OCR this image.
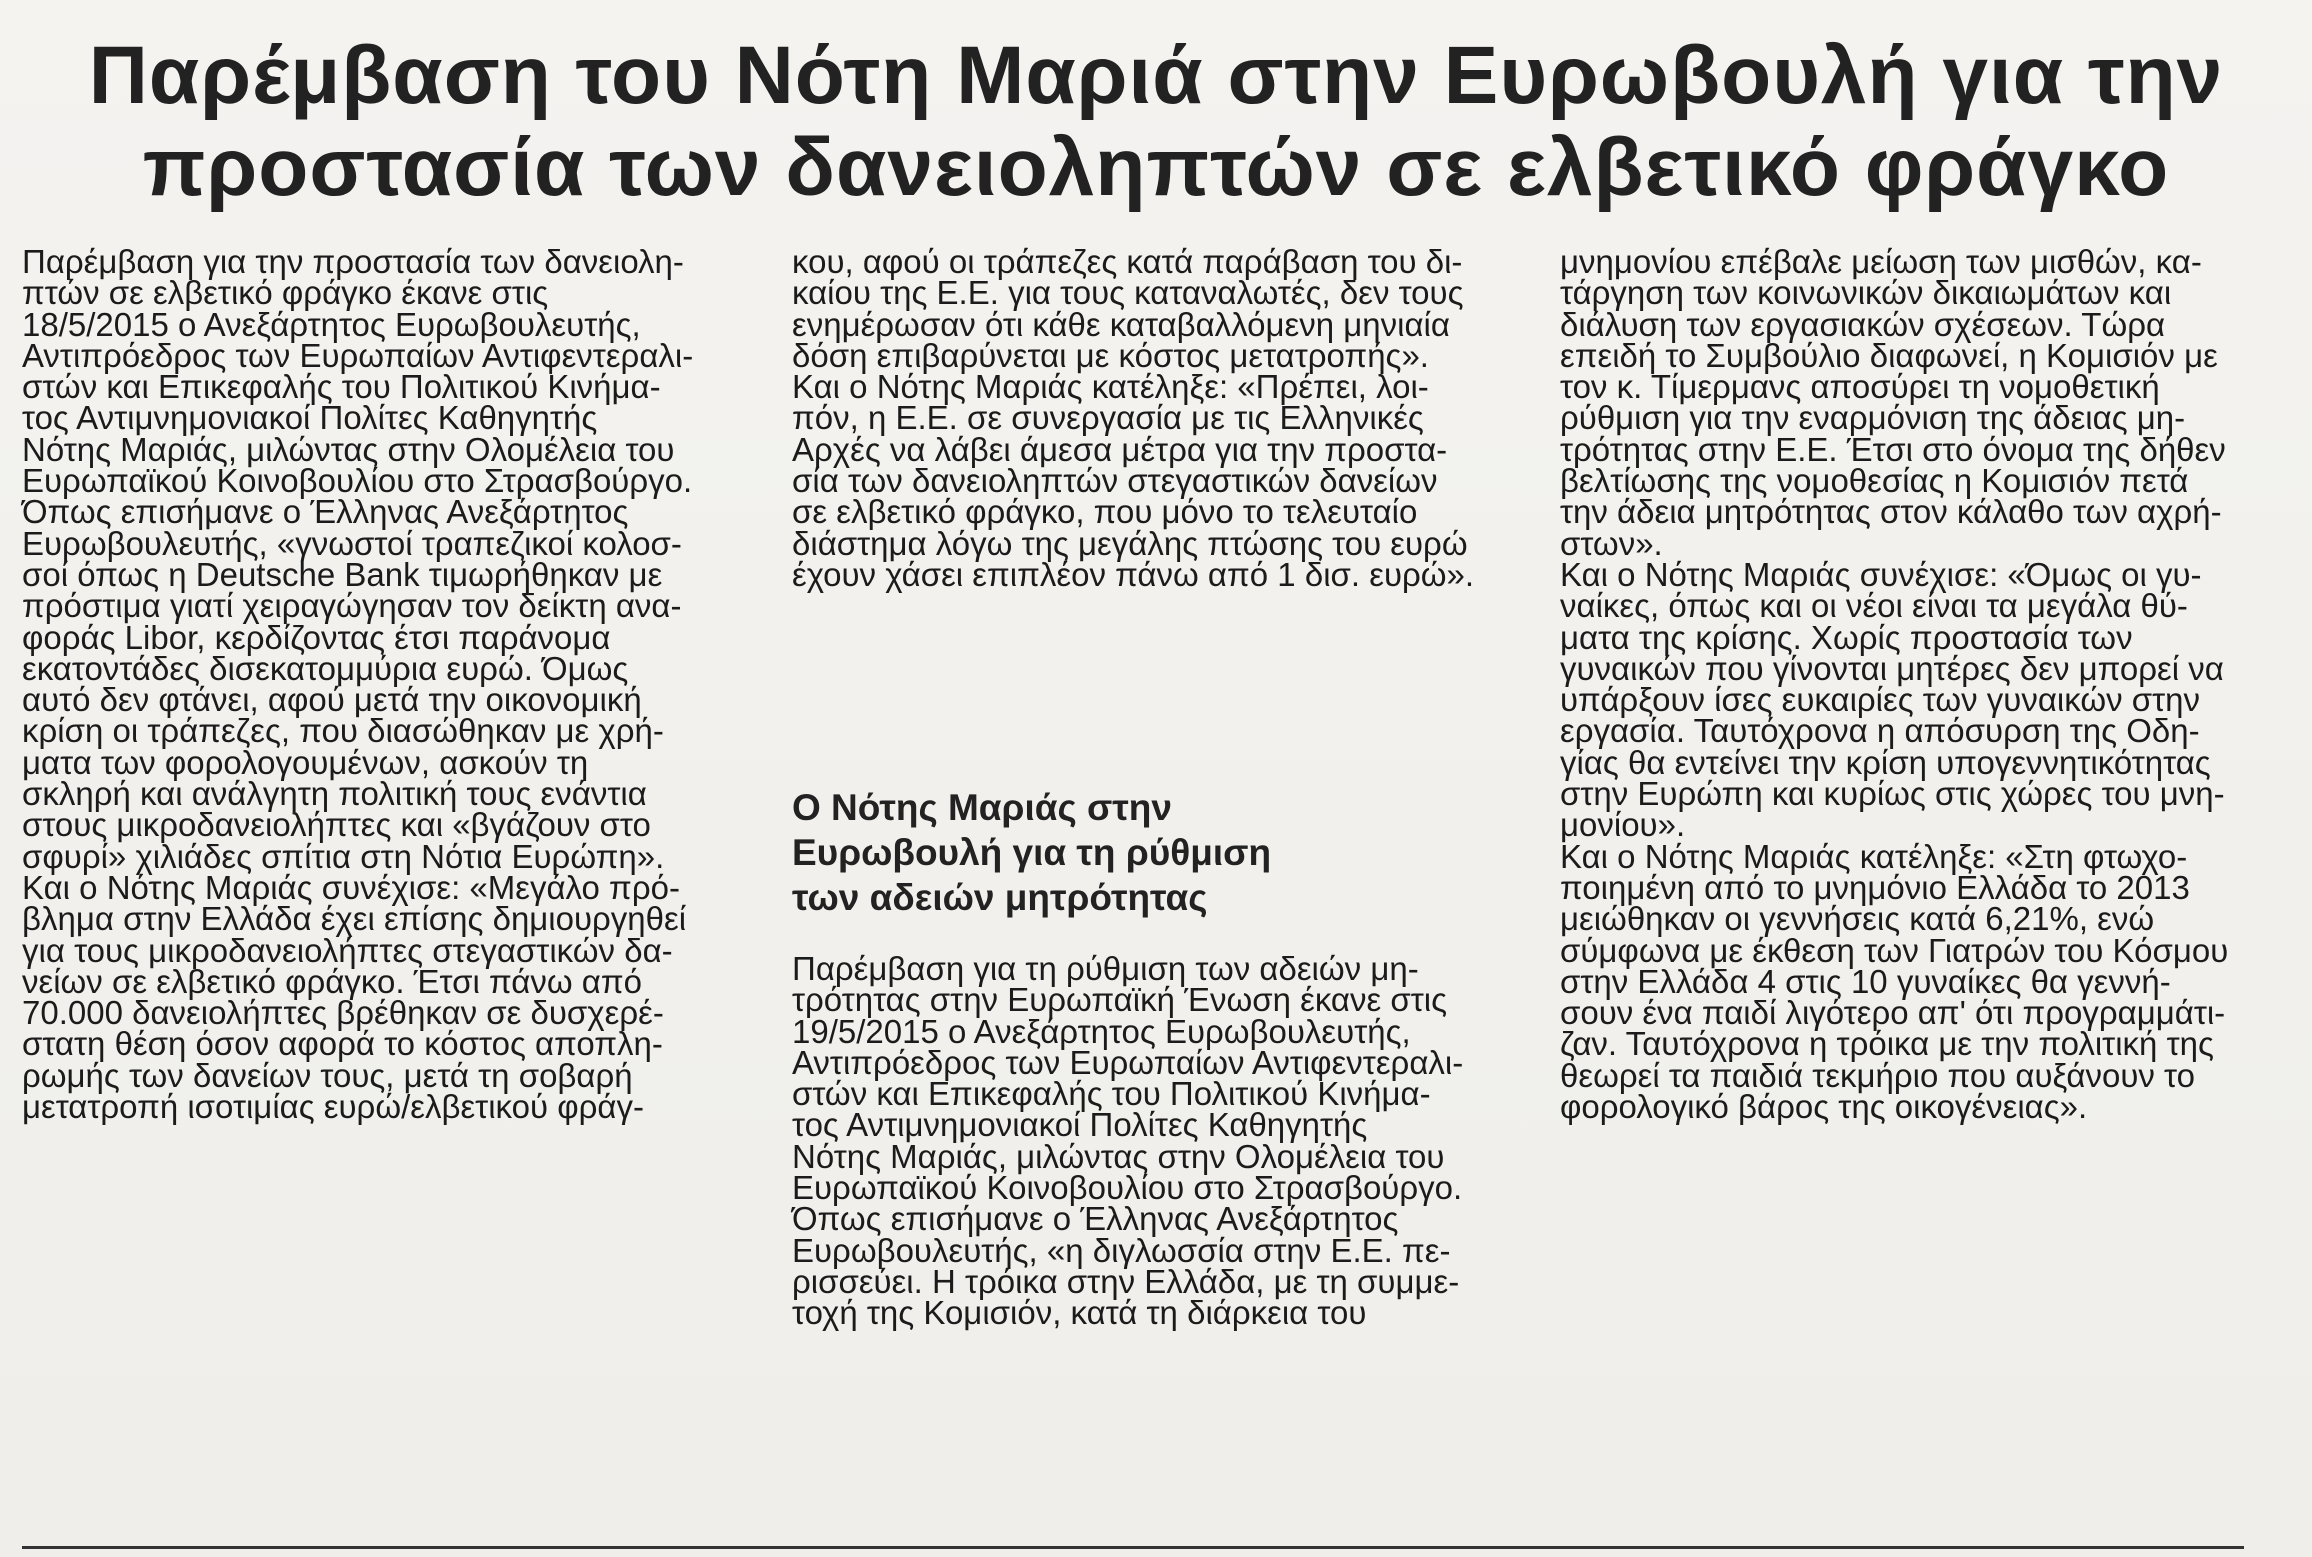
Παρέμβαση του Νότη Μαριά στην Ευρωβουλή για την
προστασία των δανειοληπτών σε ελβετικό φράγκο
Παρέμβαση για την προστασία των δανειολη-
πτών σε ελβετικό φράγκο έκανε στις
18/5/2015 ο Ανεξάρτητος Ευρωβουλευτής,
Αντιπρόεδρος των Ευρωπαίων Αντιφεντεραλι-
στών και Επικεφαλής του Πολιτικού Κινήμα-
τος Αντιμνημονιακοί Πολίτες Καθηγητής
Νότης Μαριάς, μιλώντας στην Ολομέλεια του
Ευρωπαϊκού Κοινοβουλίου στο Στρασβούργο.
Όπως επισήμανε ο Έλληνας Ανεξάρτητος
Ευρωβουλευτής, «γνωστοί τραπεζικοί κολοσ-
σοί όπως η Deutsche Bank τιμωρήθηκαν με
πρόστιμα γιατί χειραγώγησαν τον δείκτη ανα-
φοράς Libor, κερδίζοντας έτσι παράνομα
εκατοντάδες δισεκατομμύρια ευρώ. Όμως
αυτό δεν φτάνει, αφού μετά την οικονομική
κρίση οι τράπεζες, που διασώθηκαν με χρή-
ματα των φορολογουμένων, ασκούν τη
σκληρή και ανάλγητη πολιτική τους ενάντια
στους μικροδανειολήπτες και «βγάζουν στο
σφυρί» χιλιάδες σπίτια στη Νότια Ευρώπη».
Και ο Νότης Μαριάς συνέχισε: «Μεγάλο πρό-
βλημα στην Ελλάδα έχει επίσης δημιουργηθεί
για τους μικροδανειολήπτες στεγαστικών δα-
νείων σε ελβετικό φράγκο. Έτσι πάνω από
70.000 δανειολήπτες βρέθηκαν σε δυσχερέ-
στατη θέση όσον αφορά το κόστος αποπλη-
ρωμής των δανείων τους, μετά τη σοβαρή
μετατροπή ισοτιμίας ευρώ/ελβετικού φράγ-
κου, αφού οι τράπεζες κατά παράβαση του δι-
καίου της Ε.Ε. για τους καταναλωτές, δεν τους
ενημέρωσαν ότι κάθε καταβαλλόμενη μηνιαία
δόση επιβαρύνεται με κόστος μετατροπής».
Και ο Νότης Μαριάς κατέληξε: «Πρέπει, λοι-
πόν, η Ε.Ε. σε συνεργασία με τις Ελληνικές
Αρχές να λάβει άμεσα μέτρα για την προστα-
σία των δανειοληπτών στεγαστικών δανείων
σε ελβετικό φράγκο, που μόνο το τελευταίο
διάστημα λόγω της μεγάλης πτώσης του ευρώ
έχουν χάσει επιπλέον πάνω από 1 δισ. ευρώ».
Ο Νότης Μαριάς στην
Ευρωβουλή για τη ρύθμιση
των αδειών μητρότητας
Παρέμβαση για τη ρύθμιση των αδειών μη-
τρότητας στην Ευρωπαϊκή Ένωση έκανε στις
19/5/2015 ο Ανεξάρτητος Ευρωβουλευτής,
Αντιπρόεδρος των Ευρωπαίων Αντιφεντεραλι-
στών και Επικεφαλής του Πολιτικού Κινήμα-
τος Αντιμνημονιακοί Πολίτες Καθηγητής
Νότης Μαριάς, μιλώντας στην Ολομέλεια του
Ευρωπαϊκού Κοινοβουλίου στο Στρασβούργο.
Όπως επισήμανε ο Έλληνας Ανεξάρτητος
Ευρωβουλευτής, «η διγλωσσία στην Ε.Ε. πε-
ρισσεύει. Η τρόικα στην Ελλάδα, με τη συμμε-
τοχή της Κομισιόν, κατά τη διάρκεια του
μνημονίου επέβαλε μείωση των μισθών, κα-
τάργηση των κοινωνικών δικαιωμάτων και
διάλυση των εργασιακών σχέσεων. Τώρα
επειδή το Συμβούλιο διαφωνεί, η Κομισιόν με
τον κ. Τίμερμανς αποσύρει τη νομοθετική
ρύθμιση για την εναρμόνιση της άδειας μη-
τρότητας στην Ε.Ε. Έτσι στο όνομα της δήθεν
βελτίωσης της νομοθεσίας η Κομισιόν πετά
την άδεια μητρότητας στον κάλαθο των αχρή-
στων».
Και ο Νότης Μαριάς συνέχισε: «Όμως οι γυ-
ναίκες, όπως και οι νέοι είναι τα μεγάλα θύ-
ματα της κρίσης. Χωρίς προστασία των
γυναικών που γίνονται μητέρες δεν μπορεί να
υπάρξουν ίσες ευκαιρίες των γυναικών στην
εργασία. Ταυτόχρονα η απόσυρση της Οδη-
γίας θα εντείνει την κρίση υπογεννητικότητας
στην Ευρώπη και κυρίως στις χώρες του μνη-
μονίου».
Και ο Νότης Μαριάς κατέληξε: «Στη φτωχο-
ποιημένη από το μνημόνιο Ελλάδα το 2013
μειώθηκαν οι γεννήσεις κατά 6,21%, ενώ
σύμφωνα με έκθεση των Γιατρών του Κόσμου
στην Ελλάδα 4 στις 10 γυναίκες θα γεννή-
σουν ένα παιδί λιγότερο απ' ότι προγραμμάτι-
ζαν. Ταυτόχρονα η τρόικα με την πολιτική της
θεωρεί τα παιδιά τεκμήριο που αυξάνουν το
φορολογικό βάρος της οικογένειας».
